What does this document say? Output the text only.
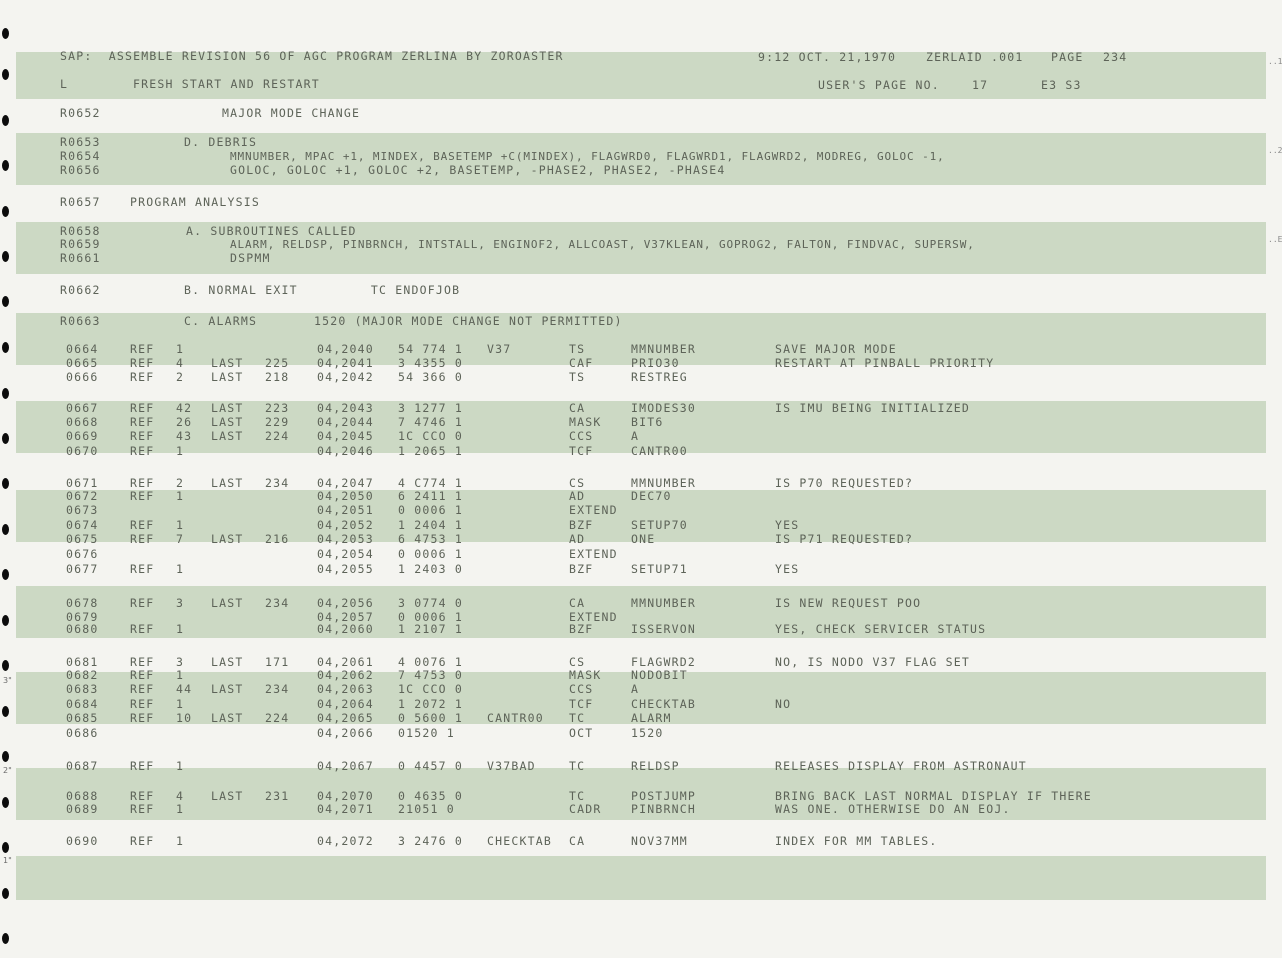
3"
2"
1"
..1
..2
..E
SAP:  ASSEMBLE REVISION 56 OF AGC PROGRAM ZERLINA BY ZOROASTER	9:12 OCT. 21,1970	ZERLAID .001 PAGE 234
L	FRESH START AND RESTART	USER'S PAGE NO.	17	E3 S3
R0652	MAJOR MODE CHANGE
R0653	D. DEBRIS
R0654	MMNUMBER, MPAC +1, MINDEX, BASETEMP +C(MINDEX), FLAGWRD0, FLAGWRD1, FLAGWRD2, MODREG, GOLOC -1,
R0656	GOLOC, GOLOC +1, GOLOC +2, BASETEMP, -PHASE2, PHASE2, -PHASE4
R0657	PROGRAM ANALYSIS
R0658	A. SUBROUTINES CALLED
R0659	ALARM, RELDSP, PINBRNCH, INTSTALL, ENGINOF2, ALLCOAST, V37KLEAN, GOPROG2, FALTON, FINDVAC, SUPERSW,
R0661	DSPMM
R0662	B. NORMAL EXIT         TC ENDOFJOB
R0663	C. ALARMS       1520 (MAJOR MODE CHANGE NOT PERMITTED)
0664	REF 1	04,2040 54 774 1 V37	TS	MMNUMBER	SAVE MAJOR MODE
0665	REF 4 LAST 225 04,2041 3 4355 0	CAF	PRIO30	RESTART AT PINBALL PRIORITY
0666	REF 2 LAST 218 04,2042 54 366 0	TS	RESTREG
0667	REF 42 LAST 223 04,2043 3 1277 1	CA	IMODES30	IS IMU BEING INITIALIZED
0668	REF 26 LAST 229 04,2044 7 4746 1	MASK	BIT6
0669	REF 43 LAST 224 04,2045 1C CCO 0	CCS	A
0670	REF 1	04,2046 1 2065 1	TCF	CANTR00
0671	REF 2 LAST 234 04,2047 4 C774 1	CS	MMNUMBER	IS P70 REQUESTED?
0672	REF 1	04,2050 6 2411 1	AD	DEC70
0673	04,2051 0 0006 1	EXTEND
0674	REF 1	04,2052 1 2404 1	BZF	SETUP70	YES
0675	REF 7 LAST 216 04,2053 6 4753 1	AD	ONE	IS P71 REQUESTED?
0676	04,2054 0 0006 1	EXTEND
0677	REF 1	04,2055 1 2403 0	BZF	SETUP71	YES
0678	REF 3 LAST 234 04,2056 3 0774 0	CA	MMNUMBER	IS NEW REQUEST POO
0679	04,2057 0 0006 1	EXTEND
0680	REF 1	04,2060 1 2107 1	BZF	ISSERVON	YES, CHECK SERVICER STATUS
0681	REF 3 LAST 171 04,2061 4 0076 1	CS	FLAGWRD2	NO, IS NODO V37 FLAG SET
0682	REF 1	04,2062 7 4753 0	MASK	NODOBIT
0683	REF 44 LAST 234 04,2063 1C CCO 0	CCS	A
0684	REF 1	04,2064 1 2072 1	TCF	CHECKTAB	NO
0685	REF 10 LAST 224 04,2065 0 5600 1 CANTR00 TC	ALARM
0686	04,2066 01520 1	OCT	1520
0687	REF 1	04,2067 0 4457 0 V37BAD	TC	RELDSP	RELEASES DISPLAY FROM ASTRONAUT
0688	REF 4 LAST 231 04,2070 0 4635 0	TC	POSTJUMP	BRING BACK LAST NORMAL DISPLAY IF THERE
0689	REF 1	04,2071 21051 0	CADR	PINBRNCH	WAS ONE. OTHERWISE DO AN EOJ.
0690	REF 1	04,2072 3 2476 0 CHECKTAB CA	NOV37MM	INDEX FOR MM TABLES.
